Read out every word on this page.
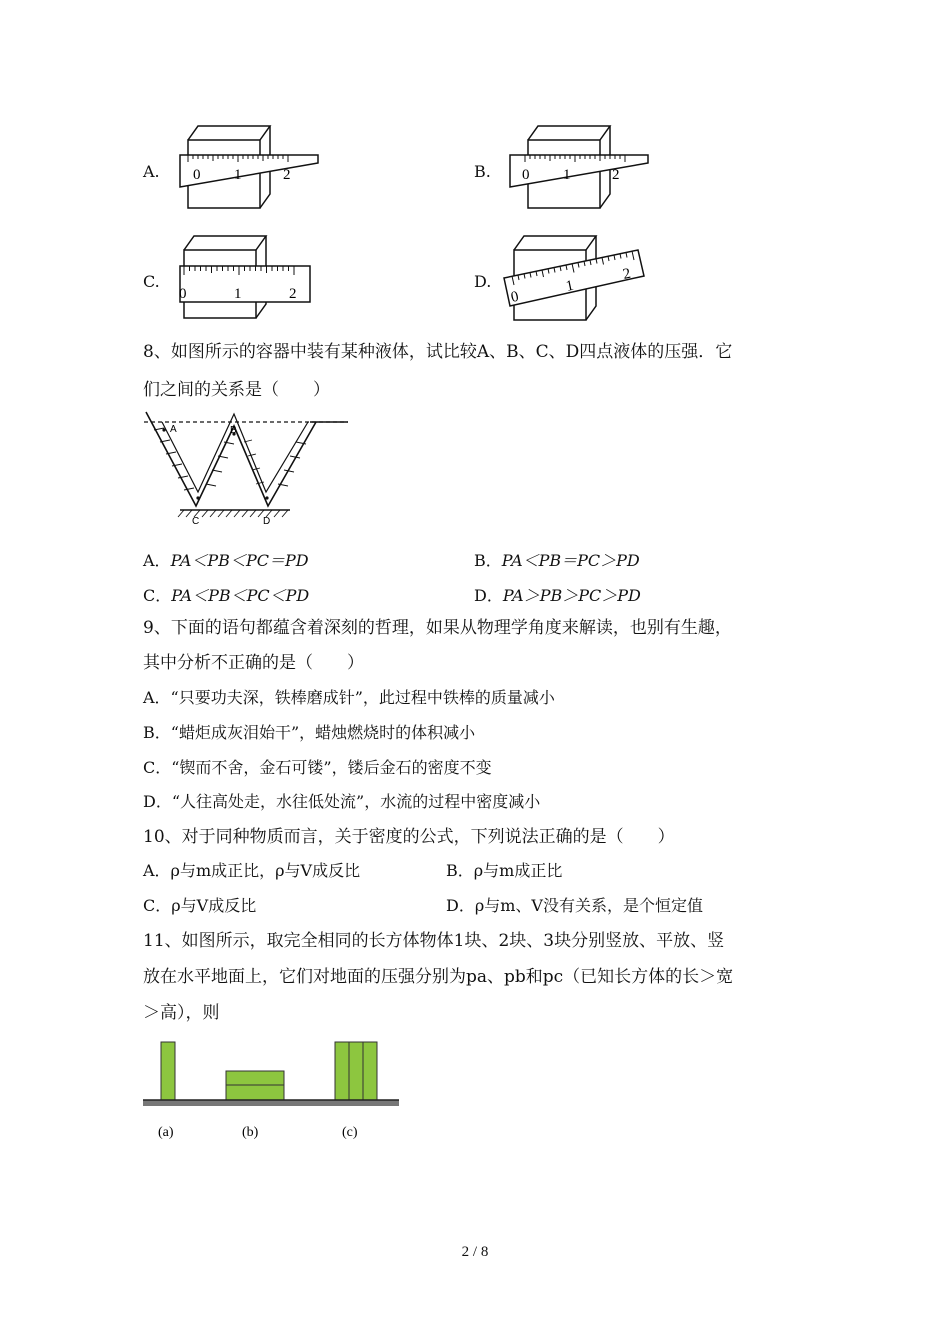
A.	B.
C.	D.
0 1	2	0 1	2
0	1	2	0
1
2
8、如图所示的容器中装有某种液体，试比较A、B、C、D四点液体的压强．它
们之间的关系是（　　）
A	B
C	D
A．PA＜PB＜PC＝PD	B．PA＜PB＝PC＞PD
C．PA＜PB＜PC＜PD	D．PA＞PB＞PC＞PD
9、下面的语句都蕴含着深刻的哲理，如果从物理学角度来解读，也别有生趣，
其中分析不正确的是（　　）
A．“只要功夫深，铁棒磨成针”，此过程中铁棒的质量减小
B．“蜡炬成灰泪始干”，蜡烛燃烧时的体积减小
C．“锲而不舍，金石可镂”，镂后金石的密度不变
D．“人往高处走，水往低处流”，水流的过程中密度减小
10、对于同种物质而言，关于密度的公式，下列说法正确的是（　　）
A．ρ与m成正比，ρ与V成反比	B．ρ与m成正比
C．ρ与V成反比	D．ρ与m、V没有关系，是个恒定值
11、如图所示，取完全相同的长方体物体1块、2块、3块分别竖放、平放、竖
放在水平地面上，它们对地面的压强分别为pa、pb和pc（已知长方体的长＞宽
＞高），则
(a)	(b)	(c)
2 / 8
